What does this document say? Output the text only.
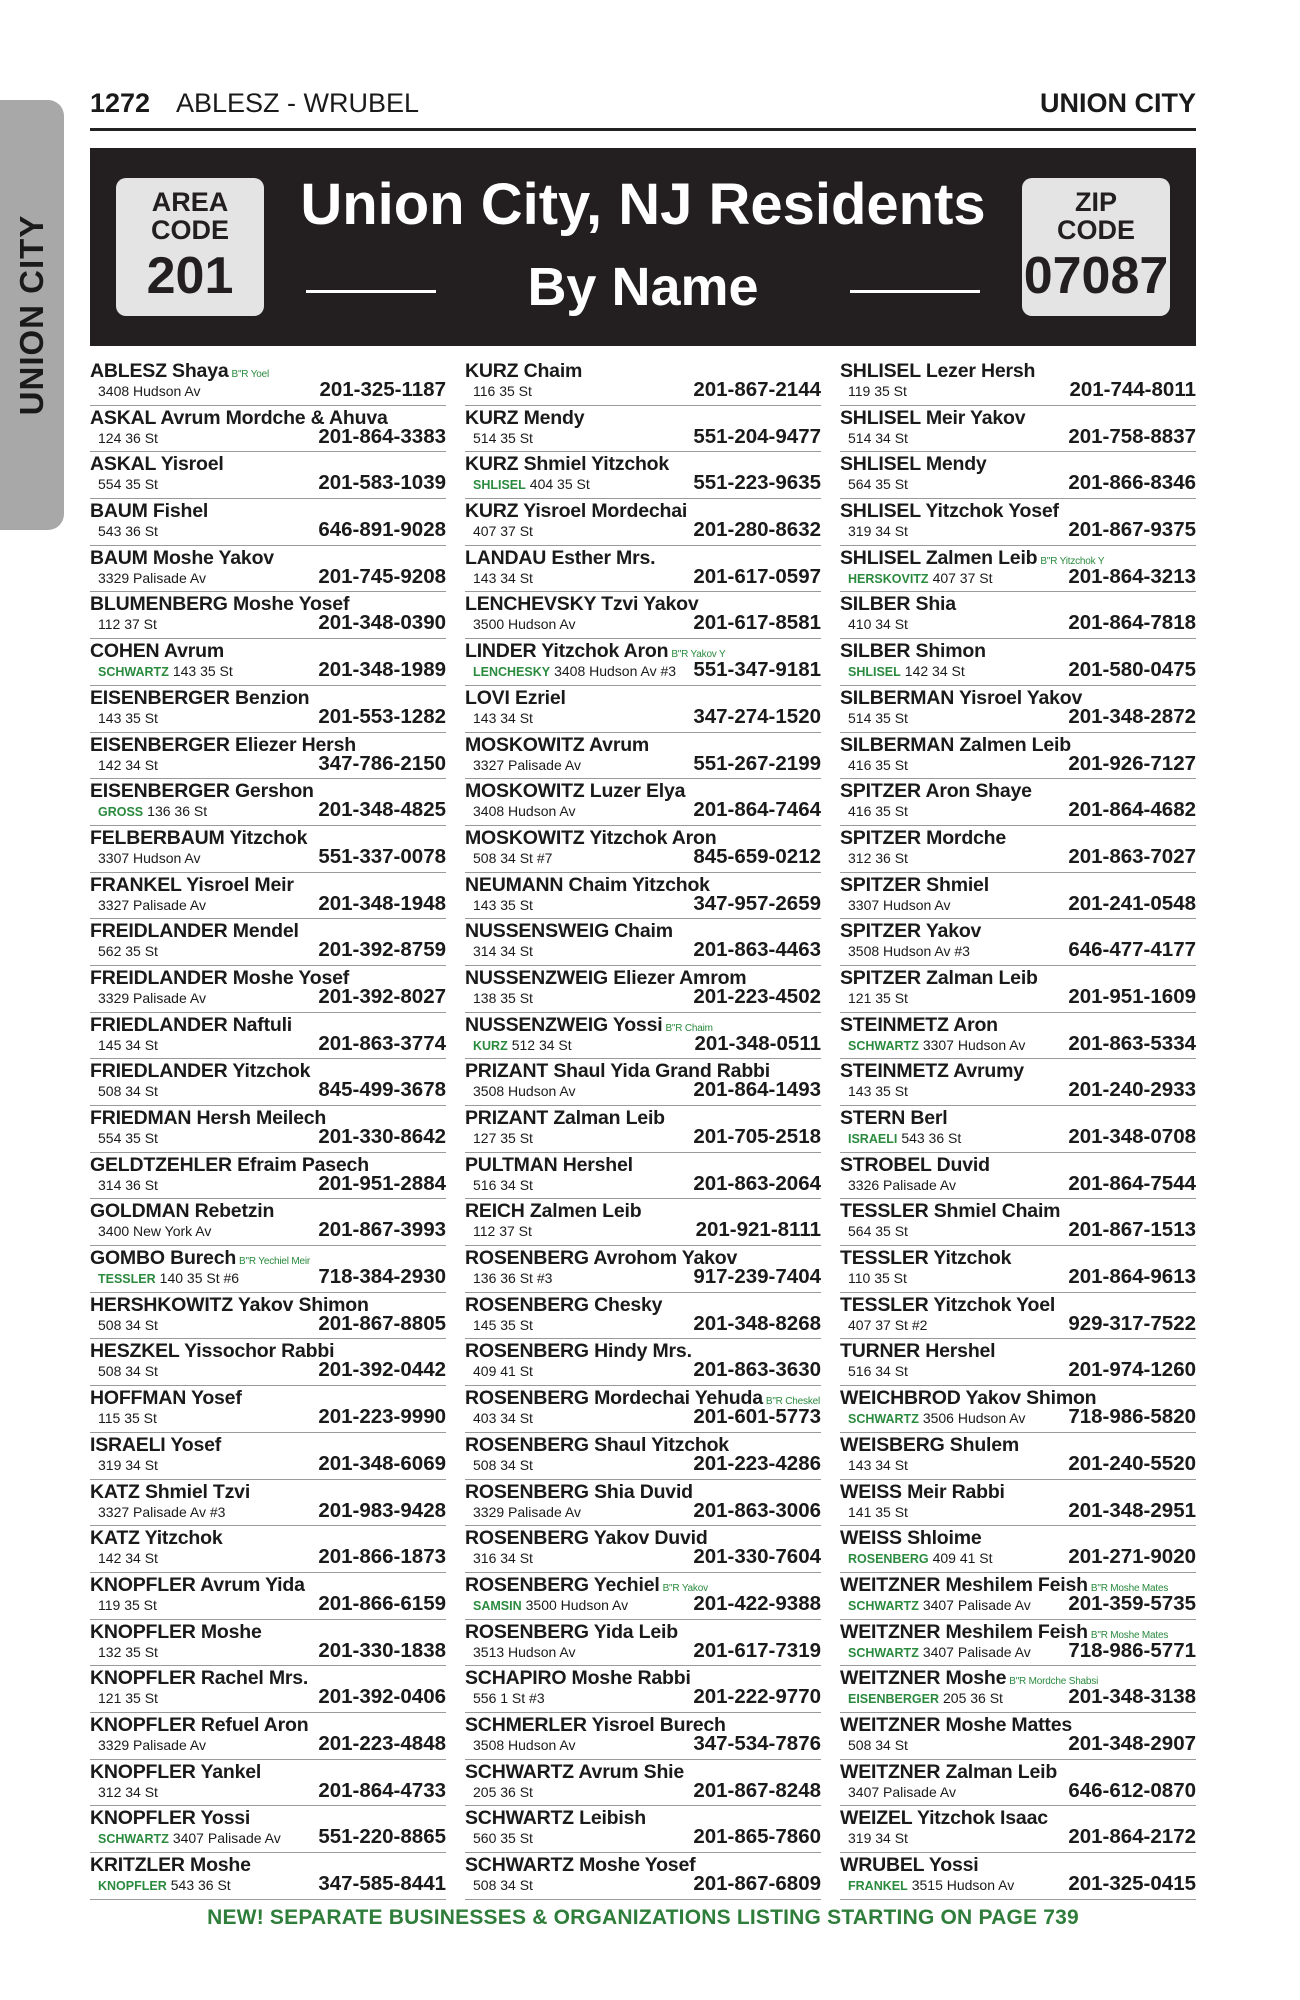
UNION CITY
1272 ABLESZ - WRUBEL	UNION CITY
AREA
CODE
201
Union City, NJ Residents
By Name
ZIP
CODE
07087
ABLESZ Shaya B"R Yoel
3408 Hudson Av	201-325-1187
ASKAL Avrum Mordche & Ahuva
124 36 St	201-864-3383
ASKAL Yisroel
554 35 St	201-583-1039
BAUM Fishel
543 36 St	646-891-9028
BAUM Moshe Yakov
3329 Palisade Av	201-745-9208
BLUMENBERG Moshe Yosef
112 37 St	201-348-0390
COHEN Avrum
SCHWARTZ 143 35 St	201-348-1989
EISENBERGER Benzion
143 35 St	201-553-1282
EISENBERGER Eliezer Hersh
142 34 St	347-786-2150
EISENBERGER Gershon
GROSS 136 36 St	201-348-4825
FELBERBAUM Yitzchok
3307 Hudson Av	551-337-0078
FRANKEL Yisroel Meir
3327 Palisade Av	201-348-1948
FREIDLANDER Mendel
562 35 St	201-392-8759
FREIDLANDER Moshe Yosef
3329 Palisade Av	201-392-8027
FRIEDLANDER Naftuli
145 34 St	201-863-3774
FRIEDLANDER Yitzchok
508 34 St	845-499-3678
FRIEDMAN Hersh Meilech
554 35 St	201-330-8642
GELDTZEHLER Efraim Pasech
314 36 St	201-951-2884
GOLDMAN Rebetzin
3400 New York Av	201-867-3993
GOMBO Burech B"R Yechiel Meir
TESSLER 140 35 St #6	718-384-2930
HERSHKOWITZ Yakov Shimon
508 34 St	201-867-8805
HESZKEL Yissochor Rabbi
508 34 St	201-392-0442
HOFFMAN Yosef
115 35 St	201-223-9990
ISRAELI Yosef
319 34 St	201-348-6069
KATZ Shmiel Tzvi
3327 Palisade Av #3	201-983-9428
KATZ Yitzchok
142 34 St	201-866-1873
KNOPFLER Avrum Yida
119 35 St	201-866-6159
KNOPFLER Moshe
132 35 St	201-330-1838
KNOPFLER Rachel Mrs.
121 35 St	201-392-0406
KNOPFLER Refuel Aron
3329 Palisade Av	201-223-4848
KNOPFLER Yankel
312 34 St	201-864-4733
KNOPFLER Yossi
SCHWARTZ 3407 Palisade Av 551-220-8865
KRITZLER Moshe
KNOPFLER 543 36 St	347-585-8441
KURZ Chaim
116 35 St	201-867-2144
KURZ Mendy
514 35 St	551-204-9477
KURZ Shmiel Yitzchok
SHLISEL 404 35 St	551-223-9635
KURZ Yisroel Mordechai
407 37 St	201-280-8632
LANDAU Esther Mrs.
143 34 St	201-617-0597
LENCHEVSKY Tzvi Yakov
3500 Hudson Av	201-617-8581
LINDER Yitzchok Aron B"R Yakov Y
LENCHESKY 3408 Hudson Av #3 551-347-9181
LOVI Ezriel
143 34 St	347-274-1520
MOSKOWITZ Avrum
3327 Palisade Av	551-267-2199
MOSKOWITZ Luzer Elya
3408 Hudson Av	201-864-7464
MOSKOWITZ Yitzchok Aron
508 34 St #7	845-659-0212
NEUMANN Chaim Yitzchok
143 35 St	347-957-2659
NUSSENSWEIG Chaim
314 34 St	201-863-4463
NUSSENZWEIG Eliezer Amrom
138 35 St	201-223-4502
NUSSENZWEIG Yossi B"R Chaim
KURZ 512 34 St	201-348-0511
PRIZANT Shaul Yida Grand Rabbi
3508 Hudson Av	201-864-1493
PRIZANT Zalman Leib
127 35 St	201-705-2518
PULTMAN Hershel
516 34 St	201-863-2064
REICH Zalmen Leib
112 37 St	201-921-8111
ROSENBERG Avrohom Yakov
136 36 St #3	917-239-7404
ROSENBERG Chesky
145 35 St	201-348-8268
ROSENBERG Hindy Mrs.
409 41 St	201-863-3630
ROSENBERG Mordechai Yehuda B"R Cheskel
403 34 St	201-601-5773
ROSENBERG Shaul Yitzchok
508 34 St	201-223-4286
ROSENBERG Shia Duvid
3329 Palisade Av	201-863-3006
ROSENBERG Yakov Duvid
316 34 St	201-330-7604
ROSENBERG Yechiel B"R Yakov
SAMSIN 3500 Hudson Av	201-422-9388
ROSENBERG Yida Leib
3513 Hudson Av	201-617-7319
SCHAPIRO Moshe Rabbi
556 1 St #3	201-222-9770
SCHMERLER Yisroel Burech
3508 Hudson Av	347-534-7876
SCHWARTZ Avrum Shie
205 36 St	201-867-8248
SCHWARTZ Leibish
560 35 St	201-865-7860
SCHWARTZ Moshe Yosef
508 34 St	201-867-6809
SHLISEL Lezer Hersh
119 35 St	201-744-8011
SHLISEL Meir Yakov
514 34 St	201-758-8837
SHLISEL Mendy
564 35 St	201-866-8346
SHLISEL Yitzchok Yosef
319 34 St	201-867-9375
SHLISEL Zalmen Leib B"R Yitzchok Y
HERSKOVITZ 407 37 St	201-864-3213
SILBER Shia
410 34 St	201-864-7818
SILBER Shimon
SHLISEL 142 34 St	201-580-0475
SILBERMAN Yisroel Yakov
514 35 St	201-348-2872
SILBERMAN Zalmen Leib
416 35 St	201-926-7127
SPITZER Aron Shaye
416 35 St	201-864-4682
SPITZER Mordche
312 36 St	201-863-7027
SPITZER Shmiel
3307 Hudson Av	201-241-0548
SPITZER Yakov
3508 Hudson Av #3	646-477-4177
SPITZER Zalman Leib
121 35 St	201-951-1609
STEINMETZ Aron
SCHWARTZ 3307 Hudson Av 201-863-5334
STEINMETZ Avrumy
143 35 St	201-240-2933
STERN Berl
ISRAELI 543 36 St	201-348-0708
STROBEL Duvid
3326 Palisade Av	201-864-7544
TESSLER Shmiel Chaim
564 35 St	201-867-1513
TESSLER Yitzchok
110 35 St	201-864-9613
TESSLER Yitzchok Yoel
407 37 St #2	929-317-7522
TURNER Hershel
516 34 St	201-974-1260
WEICHBROD Yakov Shimon
SCHWARTZ 3506 Hudson Av 718-986-5820
WEISBERG Shulem
143 34 St	201-240-5520
WEISS Meir Rabbi
141 35 St	201-348-2951
WEISS Shloime
ROSENBERG 409 41 St	201-271-9020
WEITZNER Meshilem Feish B"R Moshe Mates
SCHWARTZ 3407 Palisade Av 201-359-5735
WEITZNER Meshilem Feish B"R Moshe Mates
SCHWARTZ 3407 Palisade Av 718-986-5771
WEITZNER Moshe B"R Mordche Shabsi
EISENBERGER 205 36 St	201-348-3138
WEITZNER Moshe Mattes
508 34 St	201-348-2907
WEITZNER Zalman Leib
3407 Palisade Av	646-612-0870
WEIZEL Yitzchok Isaac
319 34 St	201-864-2172
WRUBEL Yossi
FRANKEL 3515 Hudson Av	201-325-0415
NEW! SEPARATE BUSINESSES & ORGANIZATIONS LISTING STARTING ON PAGE 739
